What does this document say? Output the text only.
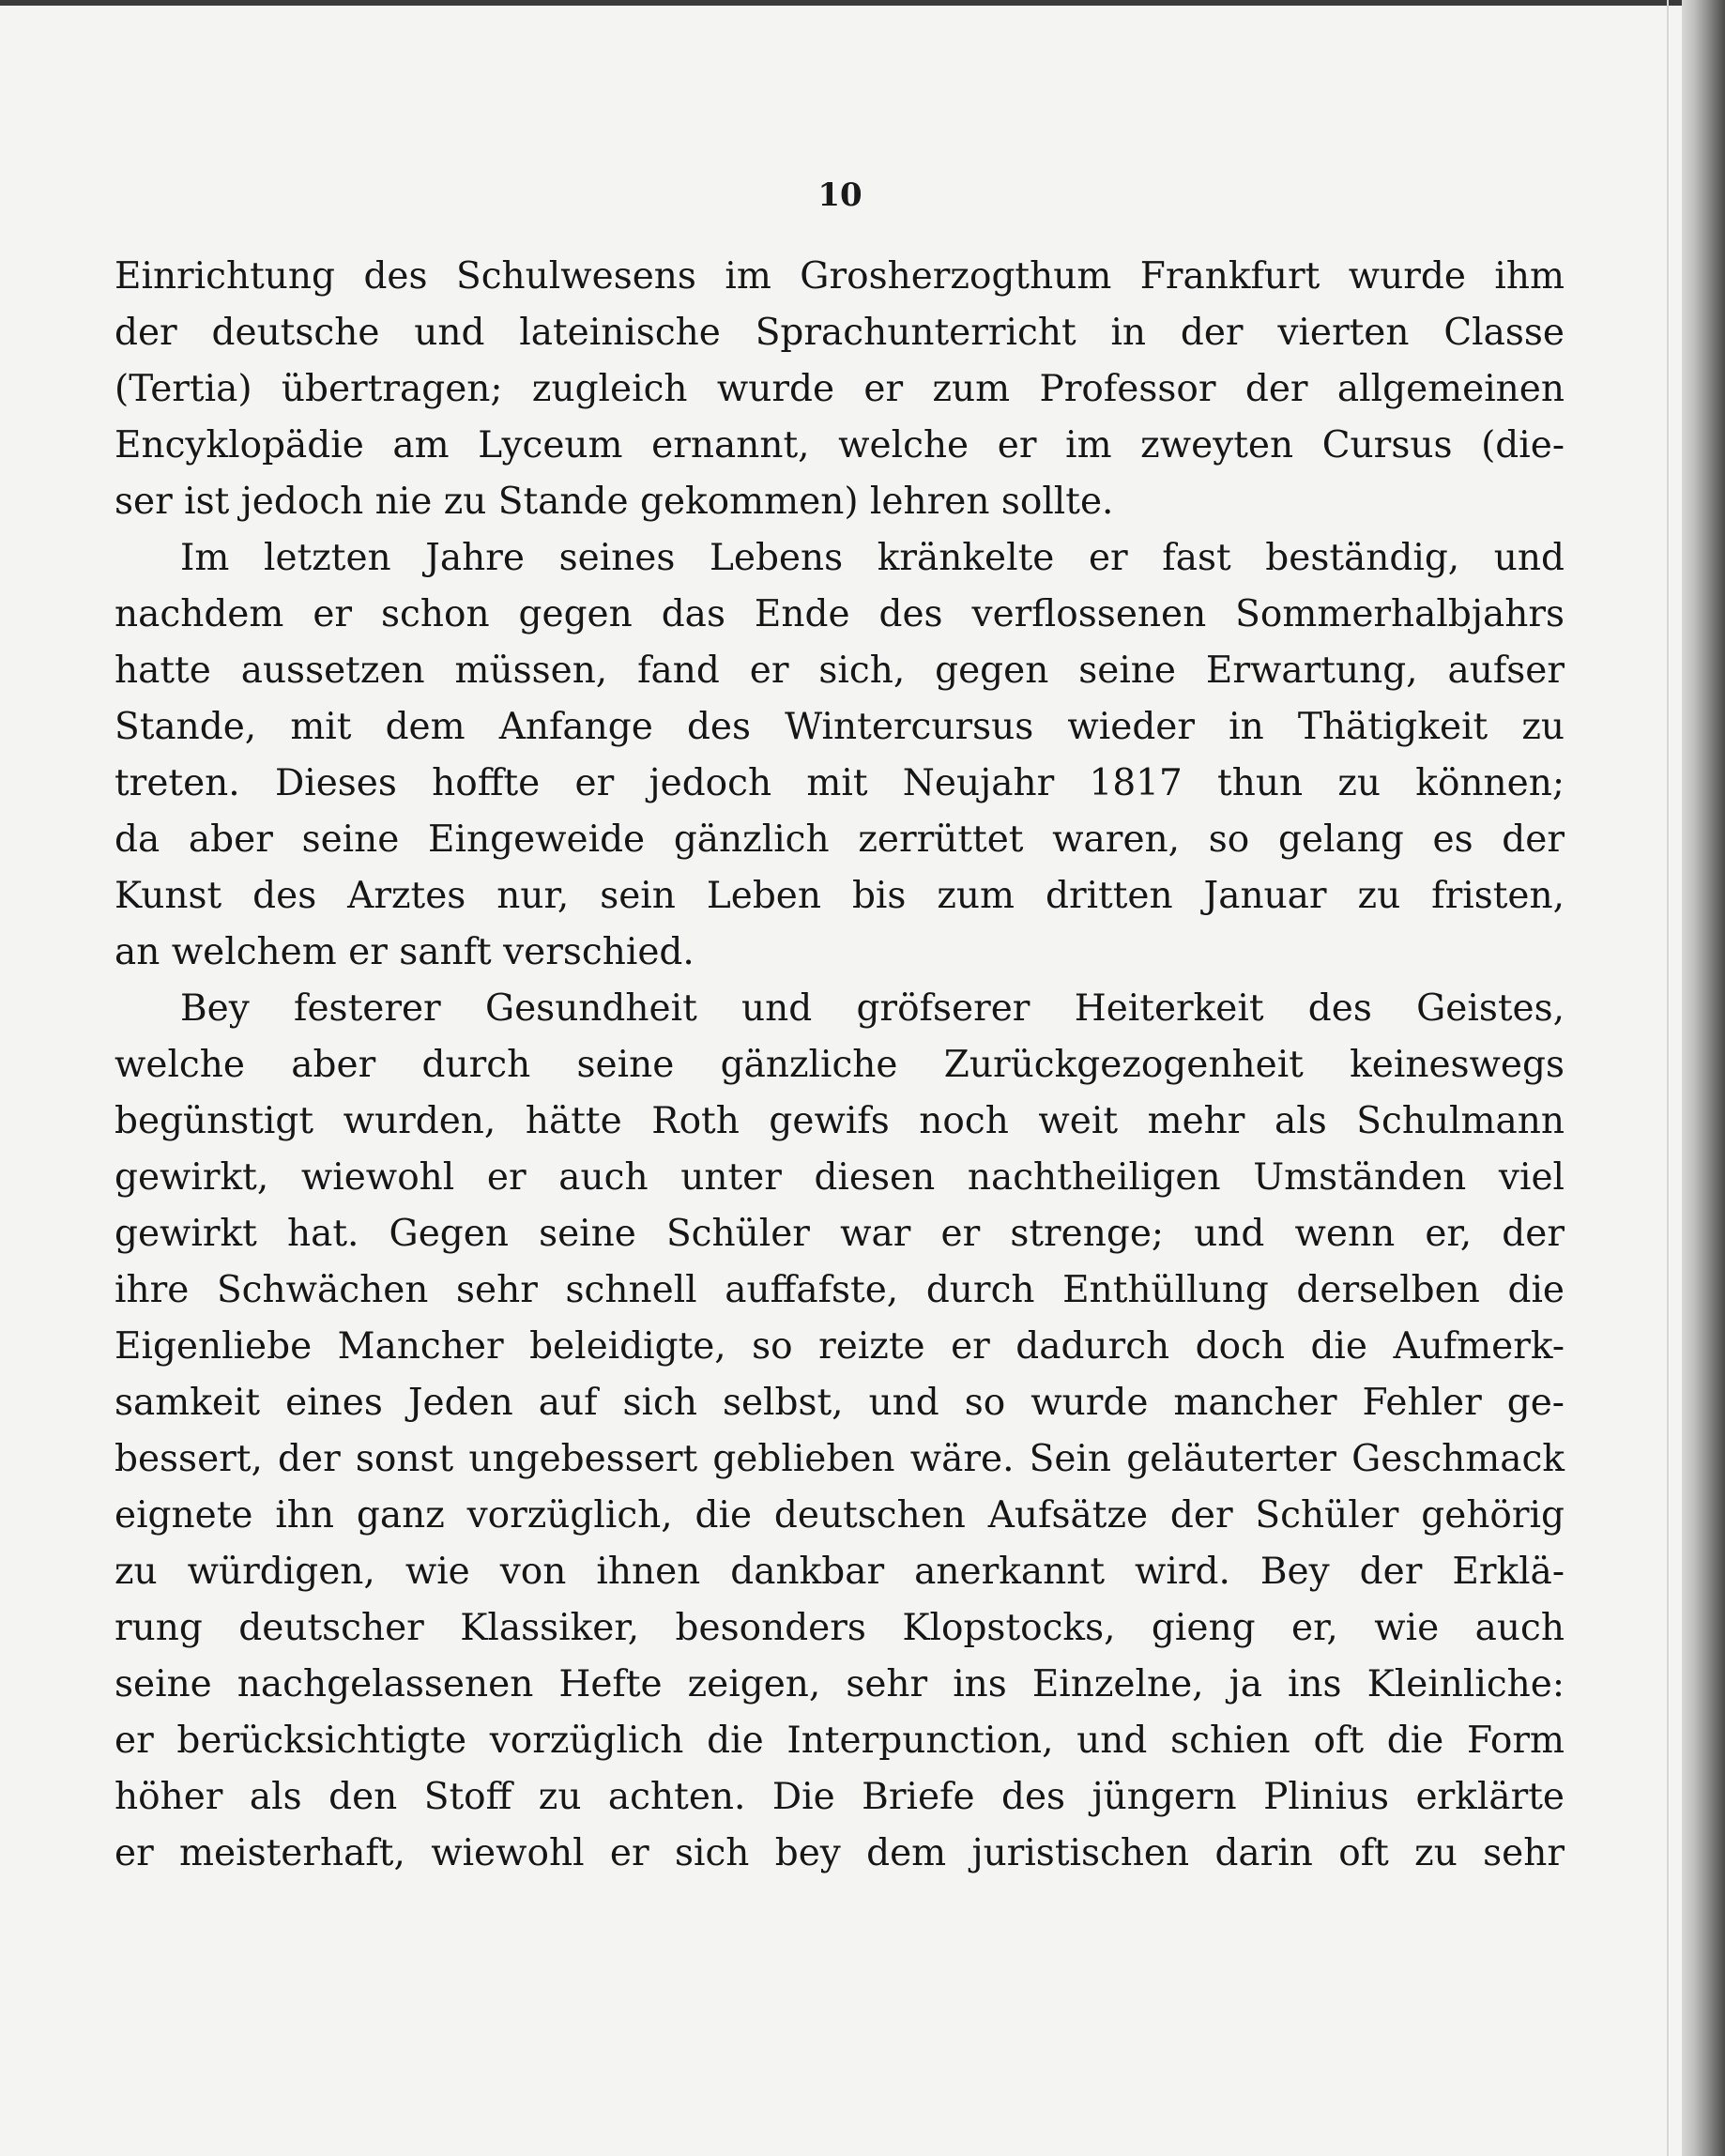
10
Einrichtung des Schulwesens im Grosherzogthum Frankfurt wurde ihm
der deutsche und lateinische Sprachunterricht in der vierten Classe
(Tertia) übertragen; zugleich wurde er zum Professor der allgemeinen
Encyklopädie am Lyceum ernannt, welche er im zweyten Cursus (die-
ser ist jedoch nie zu Stande gekommen) lehren sollte.
Im letzten Jahre seines Lebens kränkelte er fast beständig, und
nachdem er schon gegen das Ende des verflossenen Sommerhalbjahrs
hatte aussetzen müssen, fand er sich, gegen seine Erwartung, aufser
Stande, mit dem Anfange des Wintercursus wieder in Thätigkeit zu
treten. Dieses hoffte er jedoch mit Neujahr 1817 thun zu können;
da aber seine Eingeweide gänzlich zerrüttet waren, so gelang es der
Kunst des Arztes nur, sein Leben bis zum dritten Januar zu fristen,
an welchem er sanft verschied.
Bey festerer Gesundheit und gröfserer Heiterkeit des Geistes,
welche aber durch seine gänzliche Zurückgezogenheit keineswegs
begünstigt wurden, hätte Roth gewifs noch weit mehr als Schulmann
gewirkt, wiewohl er auch unter diesen nachtheiligen Umständen viel
gewirkt hat. Gegen seine Schüler war er strenge; und wenn er, der
ihre Schwächen sehr schnell auffafste, durch Enthüllung derselben die
Eigenliebe Mancher beleidigte, so reizte er dadurch doch die Aufmerk-
samkeit eines Jeden auf sich selbst, und so wurde mancher Fehler ge-
bessert, der sonst ungebessert geblieben wäre. Sein geläuterter Geschmack
eignete ihn ganz vorzüglich, die deutschen Aufsätze der Schüler gehörig
zu würdigen, wie von ihnen dankbar anerkannt wird. Bey der Erklä-
rung deutscher Klassiker, besonders Klopstocks, gieng er, wie auch
seine nachgelassenen Hefte zeigen, sehr ins Einzelne, ja ins Kleinliche:
er berücksichtigte vorzüglich die Interpunction, und schien oft die Form
höher als den Stoff zu achten. Die Briefe des jüngern Plinius erklärte
er meisterhaft, wiewohl er sich bey dem juristischen darin oft zu sehr
